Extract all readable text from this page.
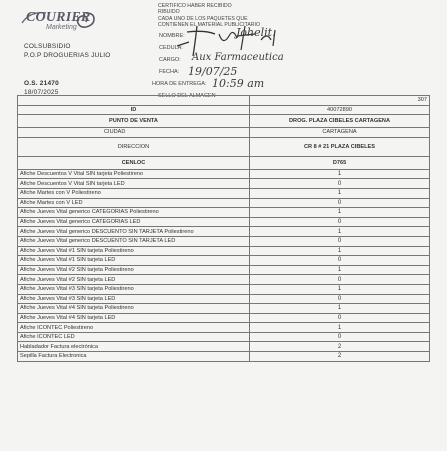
COURIER
Marketing
COLSUBSIDIO
P.O.P DROGUERIAS JULIO
O.S. 21470
18/07/2025
CERTIFICO HABER RECIBIDO
RIBUIDO
CADA UNO DE LOS PAQUETES QUE
CONTIENEN EL MATERIAL PUBLICITARIO
NOMBRE:
CEDULA:
CARGO:
FECHA:
HORA DE ENTREGA:
SELLO DEL ALMACEN
Johelit.
Aux Farmaceutica
19/07/25
10:59 am
	307
ID	40072890
PUNTO DE VENTA	DROG. PLAZA CIBELES CARTAGENA
CIUDAD	CARTAGENA
DIRECCION	CR 8 # 21 PLAZA CIBELES
CENLOC	D765
Afiche Descuentos V Vital SIN tarjeta Poliestireno	1
Afiche Descuentos V Vital SIN tarjeta LED	0
Afiche Martes con V Poliestireno	1
Afiche Martes con V LED	0
Afiche Jueves Vital generico CATEGORIAS Poliestireno	1
Afiche Jueves Vital generico CATEGORIAS LED	0
Afiche Jueves Vital generico DESCUENTO SIN TARJETA Poliestireno	1
Afiche Jueves Vital generico DESCUENTO SIN TARJETA LED	0
Afiche Jueves Vital #1 SIN tarjeta Poliestireno	1
Afiche Jueves Vital #1 SIN tarjeta LED	0
Afiche Jueves Vital #2 SIN tarjeta Poliestireno	1
Afiche Jueves Vital #2 SIN tarjeta LED	0
Afiche Jueves Vital #3 SIN tarjeta Poliestireno	1
Afiche Jueves Vital #3 SIN tarjeta LED	0
Afiche Jueves Vital #4 SIN tarjeta Poliestireno	1
Afiche Jueves Vital #4 SIN tarjeta LED	0
Afiche ICONTEC Poliestireno	1
Afiche ICONTEC LED	0
Habladador Factura electrónica	2
Sepilla Factura Electronica	2
